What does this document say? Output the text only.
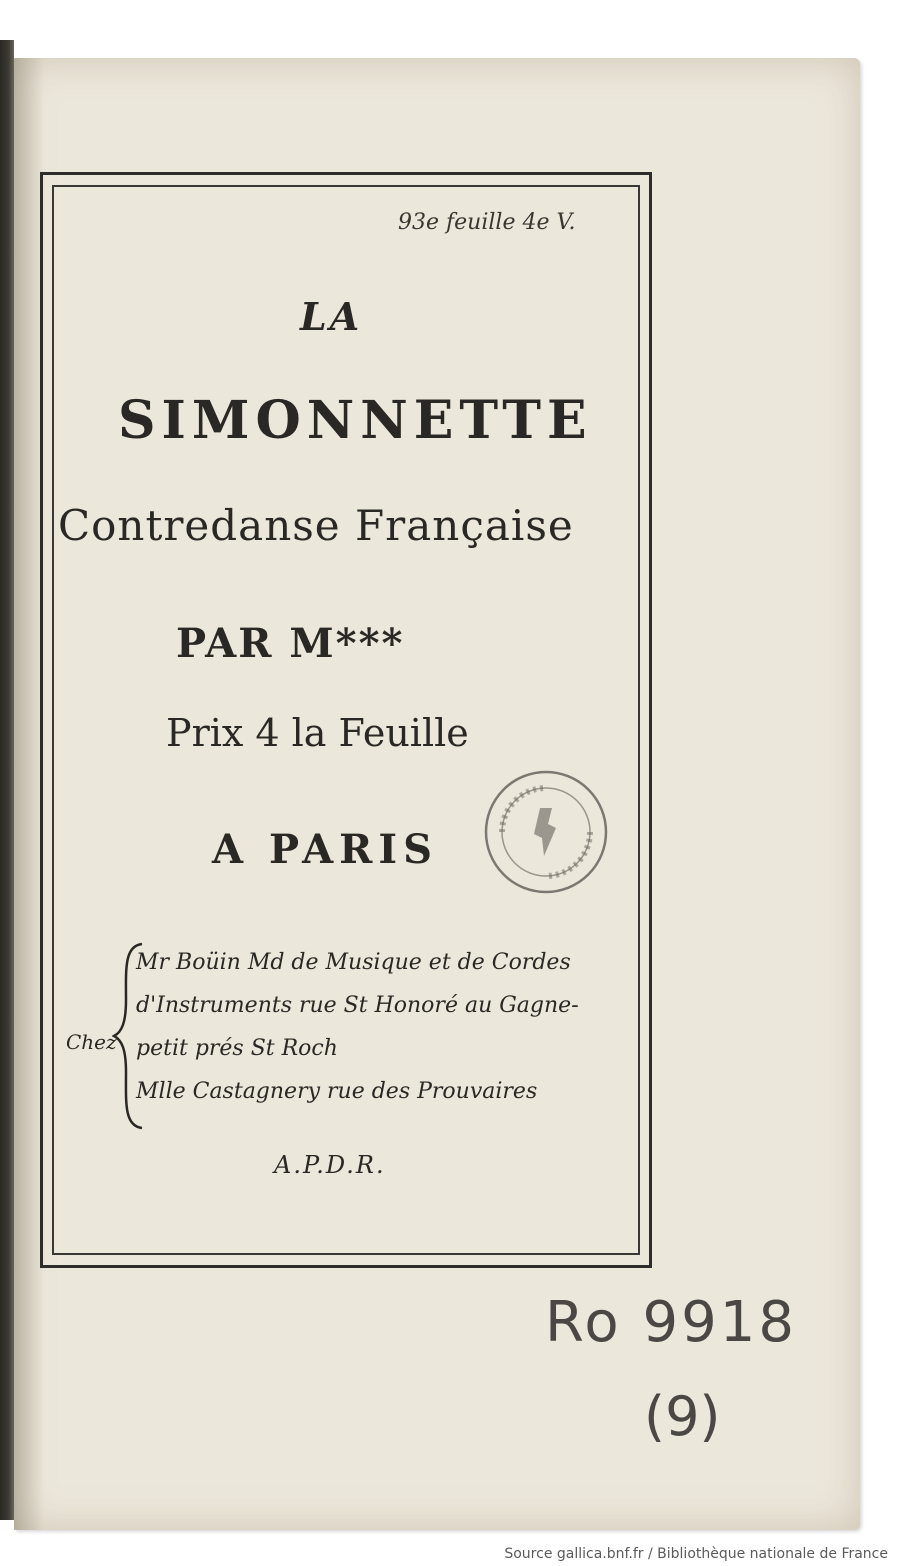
93e feuille 4e V.
LA
SIMONNETTE
Contredanse Française
PAR M***
Prix 4 la Feuille
A PARIS
Chez
Mr Boüin Md de Musique et de Cordes
d'Instruments rue St Honoré au Gagne-
petit prés St Roch
Mlle Castagnery rue des Prouvaires
A.P.D.R.
Ro 9918
(9)
Source gallica.bnf.fr / Bibliothèque nationale de France
